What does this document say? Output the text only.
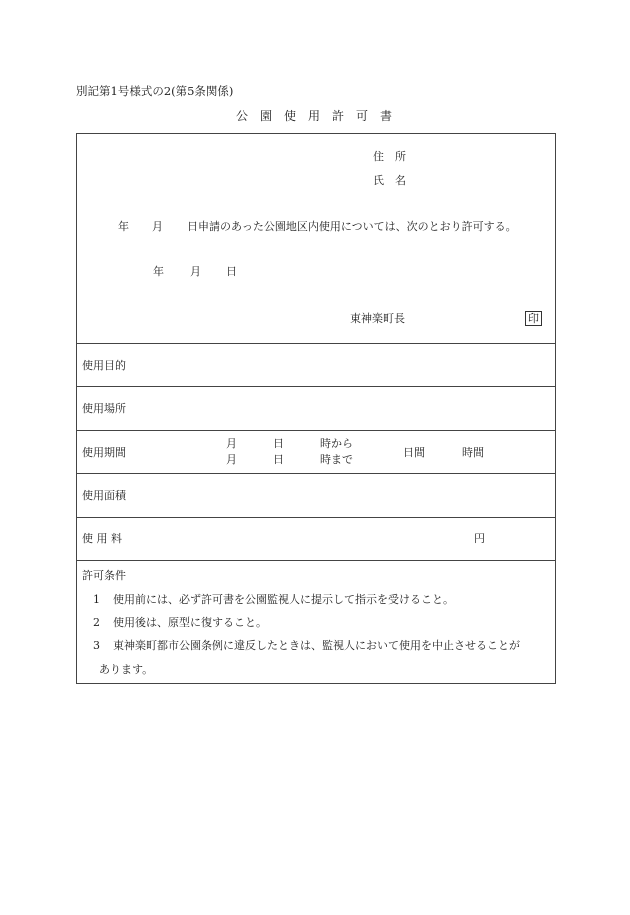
別記第1号様式の2(第5条関係)
公　園　使　用　許　可　書
住　所
氏　名
年 月 日申請のあった公園地区内使用については、次のとおり許可する。
年 月 日
東神楽町長	印
使用目的
使用場所
使用期間
月	日	時から
月	日	時まで
日間	時間
使用面積
使 用 料	円
許可条件
1 使用前には、必ず許可書を公園監視人に提示して指示を受けること。
2 使用後は、原型に復すること。
3 東神楽町都市公園条例に違反したときは、監視人において使用を中止させることが
あります。
